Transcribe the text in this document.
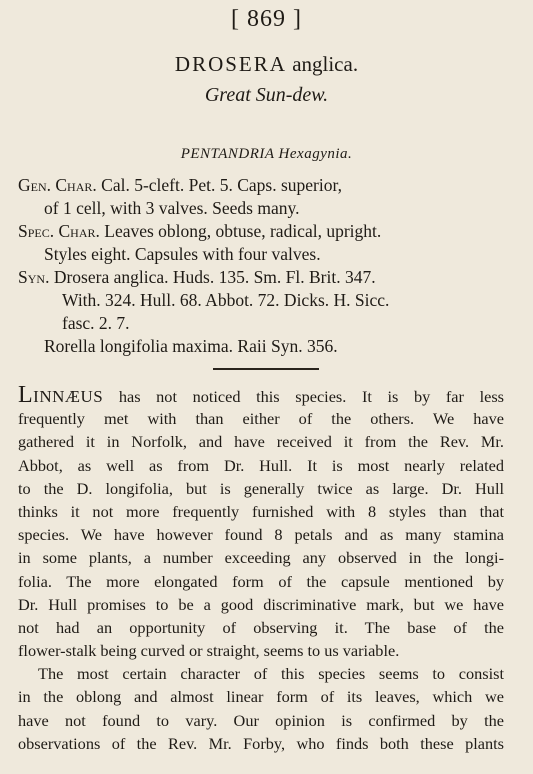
[ 869 ]
DROSERA anglica.
Great Sun-dew.
PENTANDRIA Hexagynia.
Gen. Char. Cal. 5-cleft. Pet. 5. Caps. superior,
of 1 cell, with 3 valves. Seeds many.
Spec. Char. Leaves oblong, obtuse, radical, upright.
Styles eight. Capsules with four valves.
Syn. Drosera anglica. Huds. 135. Sm. Fl. Brit. 347.
With. 324. Hull. 68. Abbot. 72. Dicks. H. Sicc.
fasc. 2. 7.
Rorella longifolia maxima. Raii Syn. 356.
Linnæus has not noticed this species. It is by far less
frequently met with than either of the others. We have
gathered it in Norfolk, and have received it from the Rev. Mr.
Abbot, as well as from Dr. Hull. It is most nearly related
to the D. longifolia, but is generally twice as large. Dr. Hull
thinks it not more frequently furnished with 8 styles than that
species. We have however found 8 petals and as many stamina
in some plants, a number exceeding any observed in the longi-
folia. The more elongated form of the capsule mentioned by
Dr. Hull promises to be a good discriminative mark, but we have
not had an opportunity of observing it. The base of the
flower-stalk being curved or straight, seems to us variable.
The most certain character of this species seems to consist
in the oblong and almost linear form of its leaves, which we
have not found to vary. Our opinion is confirmed by the
observations of the Rev. Mr. Forby, who finds both these plants
